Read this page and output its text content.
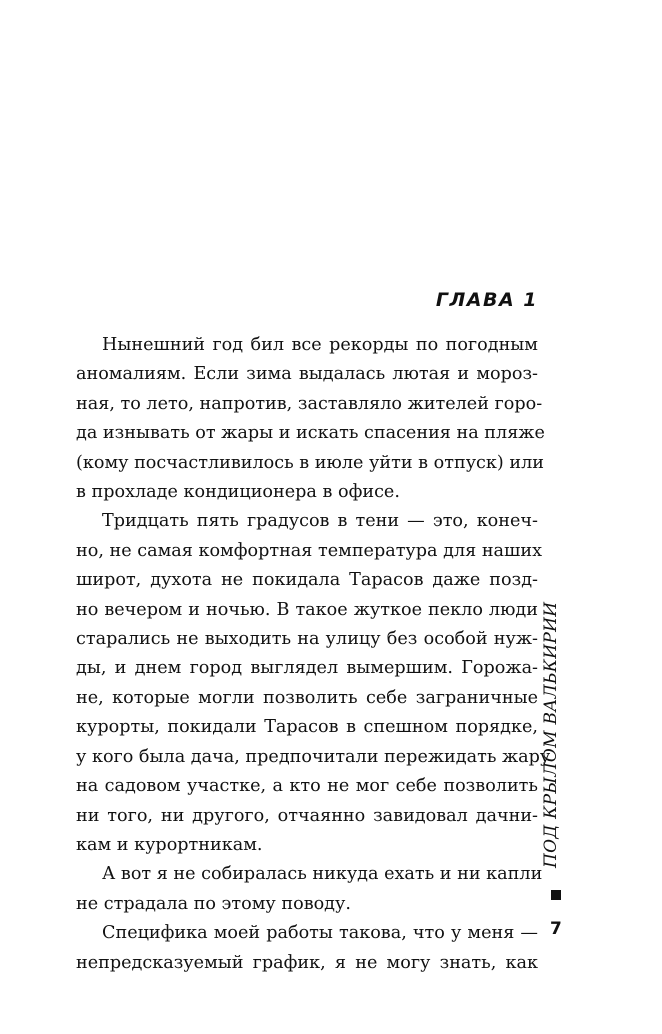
ГЛАВА 1
Нынешний год бил все рекорды по погодным
аномалиям. Если зима выдалась лютая и мороз-
ная, то лето, напротив, заставляло жителей горо-
да изнывать от жары и искать спасения на пляже
(кому посчастливилось в июле уйти в отпуск) или
в прохладе кондиционера в офисе.
Тридцать пять градусов в тени — это, конеч-
но, не самая комфортная температура для наших
широт, духота не покидала Тарасов даже позд-
но вечером и ночью. В такое жуткое пекло люди
старались не выходить на улицу без особой нуж-
ды, и днем город выглядел вымершим. Горожа-
не, которые могли позволить себе заграничные
курорты, покидали Тарасов в спешном порядке,
у кого была дача, предпочитали пережидать жару
на садовом участке, а кто не мог себе позволить
ни того, ни другого, отчаянно завидовал дачни-
кам и курортникам.
А вот я не собиралась никуда ехать и ни капли
не страдала по этому поводу.
Специфика моей работы такова, что у меня —
непредсказуемый график, я не могу знать, как
ПОД КРЫЛОМ ВАЛЬКИРИИ
7
